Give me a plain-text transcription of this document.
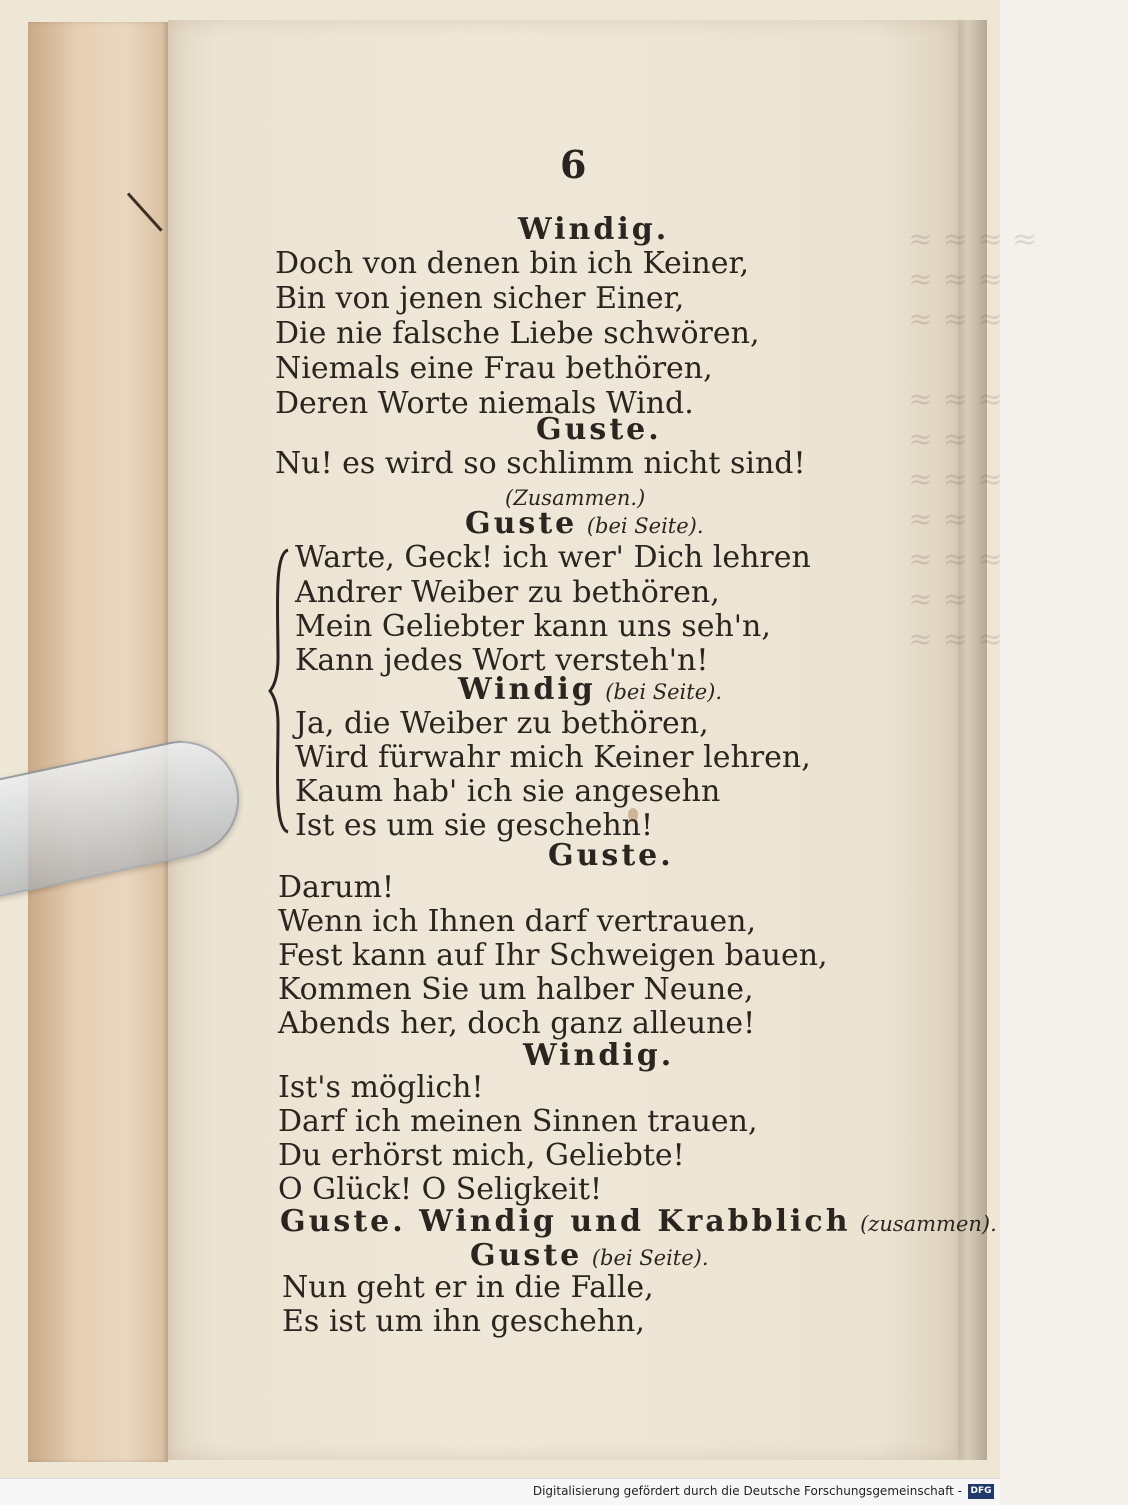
≈ ≈ ≈
≈ ≈ ≈
≈ ≈ ≈

≈ ≈ ≈
≈ ≈
≈ ≈ ≈
≈ ≈
≈ ≈ ≈
≈ ≈
≈ ≈ ≈
6
Windig.
Doch von denen bin ich Keiner,
Bin von jenen sicher Einer,
Die nie falsche Liebe schwören,
Niemals eine Frau bethören,
Deren Worte niemals Wind.
Guste.
Nu! es wird so schlimm nicht sind!
(Zusammen.)
Guste (bei Seite).
Warte, Geck! ich wer' Dich lehren
Andrer Weiber zu bethören,
Mein Geliebter kann uns seh'n,
Kann jedes Wort versteh'n!
Windig (bei Seite).
Ja, die Weiber zu bethören,
Wird fürwahr mich Keiner lehren,
Kaum hab' ich sie angesehn
Ist es um sie geschehn!
Guste.
Darum!
Wenn ich Ihnen darf vertrauen,
Fest kann auf Ihr Schweigen bauen,
Kommen Sie um halber Neune,
Abends her, doch ganz alleune!
Windig.
Ist's möglich!
Darf ich meinen Sinnen trauen,
Du erhörst mich, Geliebte!
O Glück! O Seligkeit!
Guste. Windig und Krabblich (zusammen).
Guste (bei Seite).
Nun geht er in die Falle,
Es ist um ihn geschehn,
Digitalisierung gefördert durch die Deutsche Forschungsgemeinschaft - DFG
